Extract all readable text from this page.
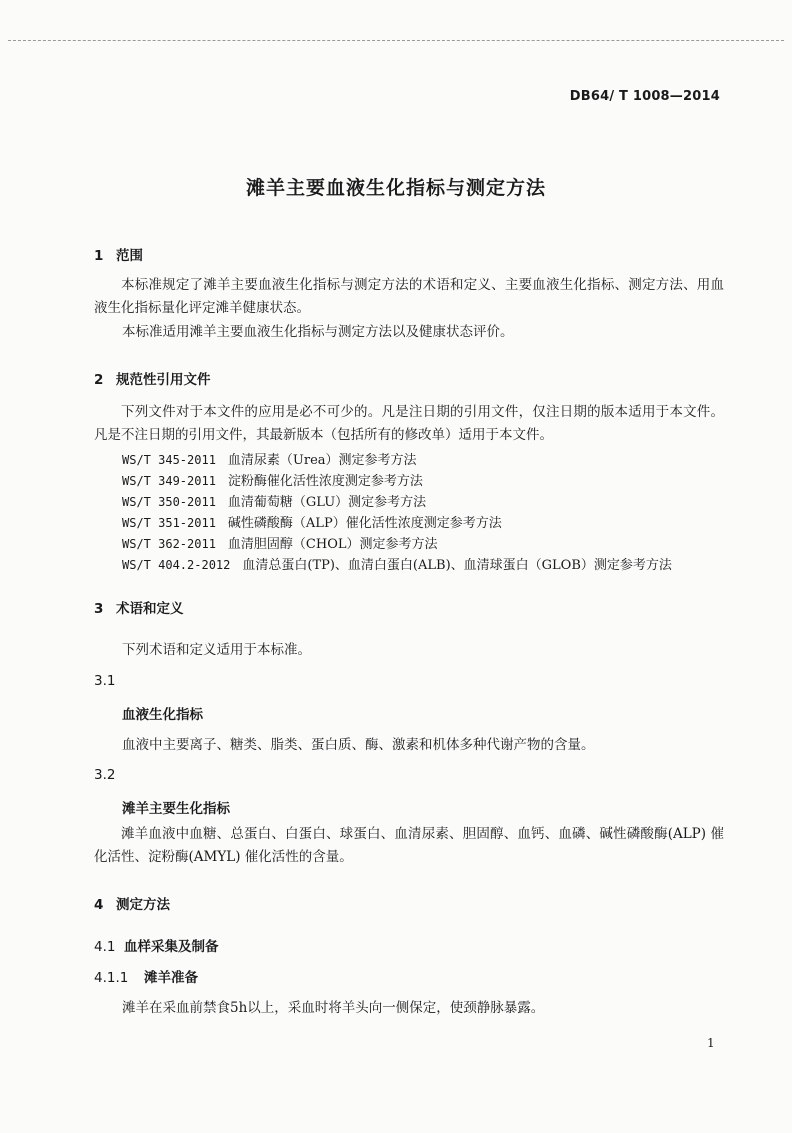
DB64/ T 1008—2014
滩羊主要血液生化指标与测定方法
1 范围
本标准规定了滩羊主要血液生化指标与测定方法的术语和定义、主要血液生化指标、测定方法、用血液生化指标量化评定滩羊健康状态。
本标准适用滩羊主要血液生化指标与测定方法以及健康状态评价。
2 规范性引用文件
下列文件对于本文件的应用是必不可少的。凡是注日期的引用文件，仅注日期的版本适用于本文件。凡是不注日期的引用文件，其最新版本（包括所有的修改单）适用于本文件。
WS/T 345-2011 血清尿素（Urea）测定参考方法
WS/T 349-2011 淀粉酶催化活性浓度测定参考方法
WS/T 350-2011 血清葡萄糖（GLU）测定参考方法
WS/T 351-2011 碱性磷酸酶（ALP）催化活性浓度测定参考方法
WS/T 362-2011 血清胆固醇（CHOL）测定参考方法
WS/T 404.2-2012 血清总蛋白(TP)、血清白蛋白(ALB)、血清球蛋白（GLOB）测定参考方法
3 术语和定义
下列术语和定义适用于本标准。
3.1
血液生化指标
血液中主要离子、糖类、脂类、蛋白质、酶、激素和机体多种代谢产物的含量。
3.2
滩羊主要生化指标
滩羊血液中血糖、总蛋白、白蛋白、球蛋白、血清尿素、胆固醇、血钙、血磷、碱性磷酸酶(ALP) 催化活性、淀粉酶(AMYL) 催化活性的含量。
4 测定方法
4.1 血样采集及制备
4.1.1 滩羊准备
滩羊在采血前禁食5h以上，采血时将羊头向一侧保定，使颈静脉暴露。
1
